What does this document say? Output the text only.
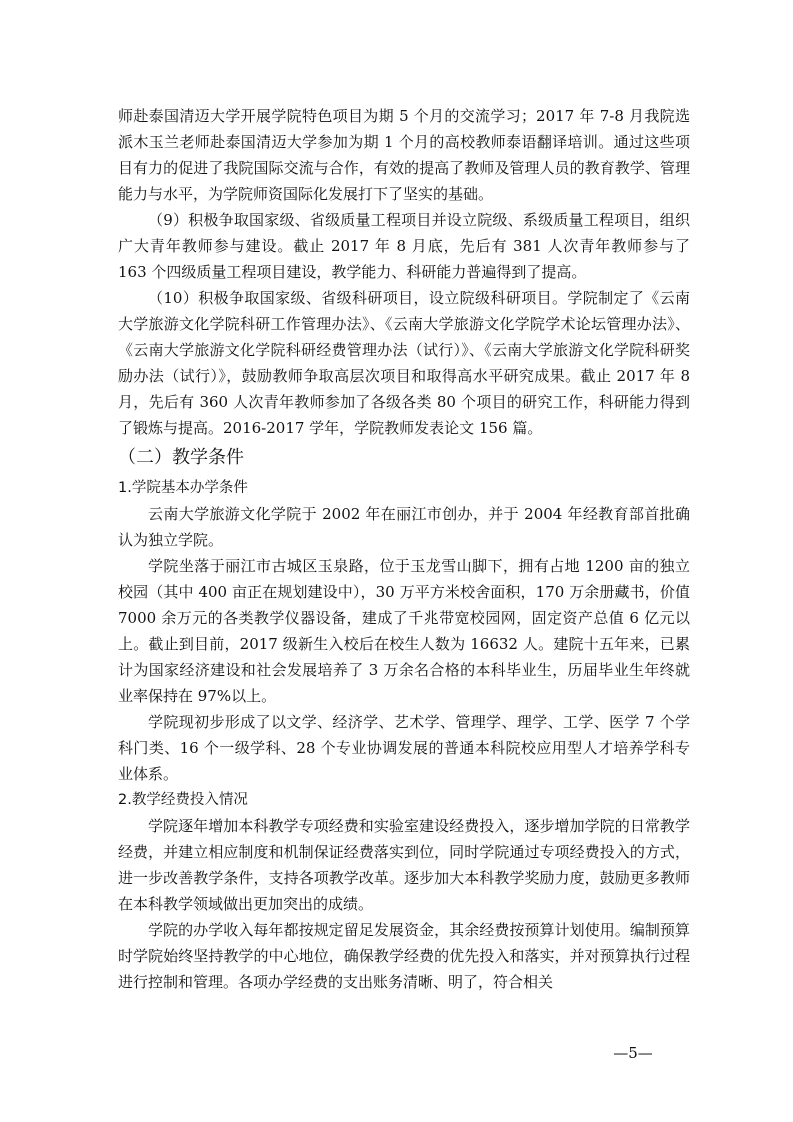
师赴泰国清迈大学开展学院特色项目为期 5 个月的交流学习；2017 年 7-8 月我院选派木玉兰老师赴泰国清迈大学参加为期 1 个月的高校教师泰语翻译培训。通过这些项目有力的促进了我院国际交流与合作，有效的提高了教师及管理人员的教育教学、管理能力与水平，为学院师资国际化发展打下了坚实的基础。

（9）积极争取国家级、省级质量工程项目并设立院级、系级质量工程项目，组织广大青年教师参与建设。截止 2017 年 8 月底，先后有 381 人次青年教师参与了 163 个四级质量工程项目建设，教学能力、科研能力普遍得到了提高。

（10）积极争取国家级、省级科研项目，设立院级科研项目。学院制定了《云南大学旅游文化学院科研工作管理办法》、《云南大学旅游文化学院学术论坛管理办法》、《云南大学旅游文化学院科研经费管理办法（试行）》、《云南大学旅游文化学院科研奖励办法（试行）》，鼓励教师争取高层次项目和取得高水平研究成果。截止 2017 年 8 月，先后有 360 人次青年教师参加了各级各类 80 个项目的研究工作，科研能力得到了锻炼与提高。2016-2017 学年，学院教师发表论文 156 篇。

（二）教学条件
1.学院基本办学条件

云南大学旅游文化学院于 2002 年在丽江市创办，并于 2004 年经教育部首批确认为独立学院。

学院坐落于丽江市古城区玉泉路，位于玉龙雪山脚下，拥有占地 1200 亩的独立校园（其中 400 亩正在规划建设中），30 万平方米校舍面积，170 万余册藏书，价值 7000 余万元的各类教学仪器设备，建成了千兆带宽校园网，固定资产总值 6 亿元以上。截止到目前，2017 级新生入校后在校生人数为 16632 人。建院十五年来，已累计为国家经济建设和社会发展培养了 3 万余名合格的本科毕业生，历届毕业生年终就业率保持在 97%以上。

学院现初步形成了以文学、经济学、艺术学、管理学、理学、工学、医学 7 个学科门类、16 个一级学科、28 个专业协调发展的普通本科院校应用型人才培养学科专业体系。

2.教学经费投入情况

学院逐年增加本科教学专项经费和实验室建设经费投入，逐步增加学院的日常教学经费，并建立相应制度和机制保证经费落实到位，同时学院通过专项经费投入的方式，进一步改善教学条件，支持各项教学改革。逐步加大本科教学奖励力度，鼓励更多教师在本科教学领域做出更加突出的成绩。

学院的办学收入每年都按规定留足发展资金，其余经费按预算计划使用。编制预算时学院始终坚持教学的中心地位，确保教学经费的优先投入和落实，并对预算执行过程进行控制和管理。各项办学经费的支出账务清晰、明了，符合相关

—5—
